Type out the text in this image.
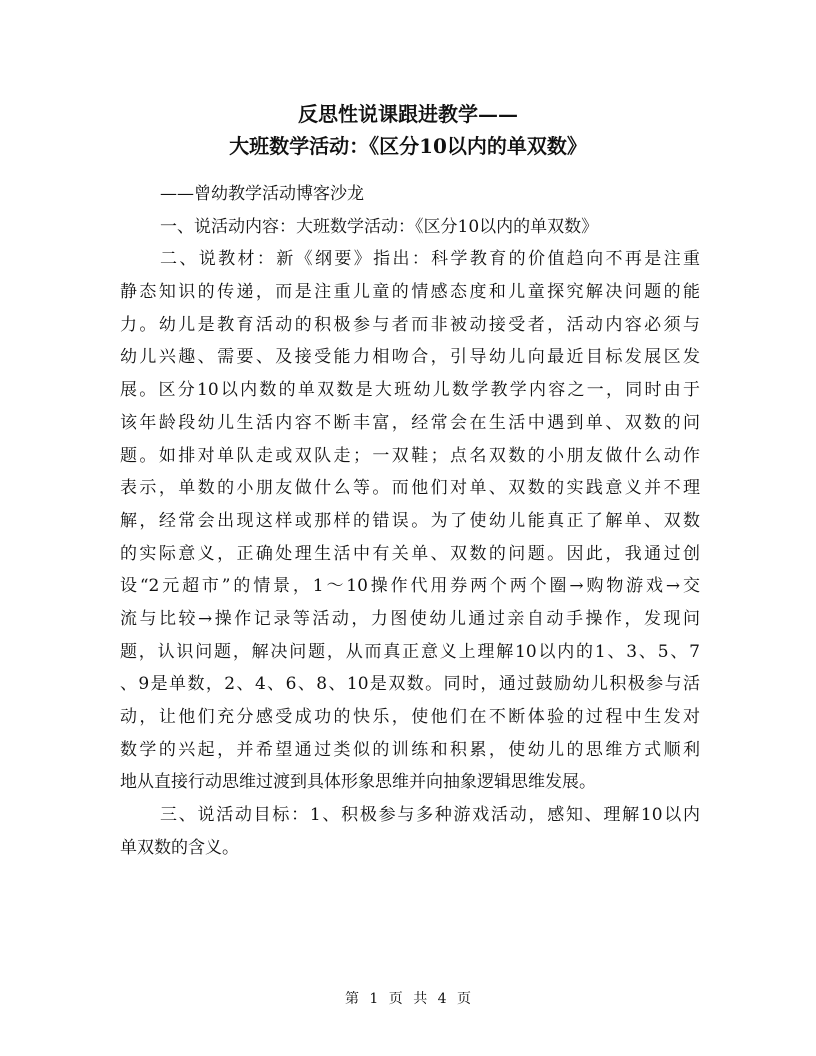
反思性说课跟进教学——
大班数学活动：《区分10以内的单双数》
——曾幼教学活动博客沙龙
一、说活动内容：大班数学活动：《区分10以内的单双数》
二、说教材：新《纲要》指出：科学教育的价值趋向不再是注重
静态知识的传递，而是注重儿童的情感态度和儿童探究解决问题的能
力。幼儿是教育活动的积极参与者而非被动接受者，活动内容必须与
幼儿兴趣、需要、及接受能力相吻合，引导幼儿向最近目标发展区发
展。区分10以内数的单双数是大班幼儿数学教学内容之一，同时由于
该年龄段幼儿生活内容不断丰富，经常会在生活中遇到单、双数的问
题。如排对单队走或双队走；一双鞋；点名双数的小朋友做什么动作
表示，单数的小朋友做什么等。而他们对单、双数的实践意义并不理
解，经常会出现这样或那样的错误。为了使幼儿能真正了解单、双数
的实际意义，正确处理生活中有关单、双数的问题。因此，我通过创
设“2元超市”的情景，1～10操作代用券两个两个圈→购物游戏→交
流与比较→操作记录等活动，力图使幼儿通过亲自动手操作，发现问
题，认识问题，解决问题，从而真正意义上理解10以内的1、3、5、7
、9是单数，2、4、6、8、10是双数。同时，通过鼓励幼儿积极参与活
动，让他们充分感受成功的快乐，使他们在不断体验的过程中生发对
数学的兴起，并希望通过类似的训练和积累，使幼儿的思维方式顺利
地从直接行动思维过渡到具体形象思维并向抽象逻辑思维发展。
三、说活动目标：1、积极参与多种游戏活动，感知、理解10以内
单双数的含义。
第 1 页 共 4 页
